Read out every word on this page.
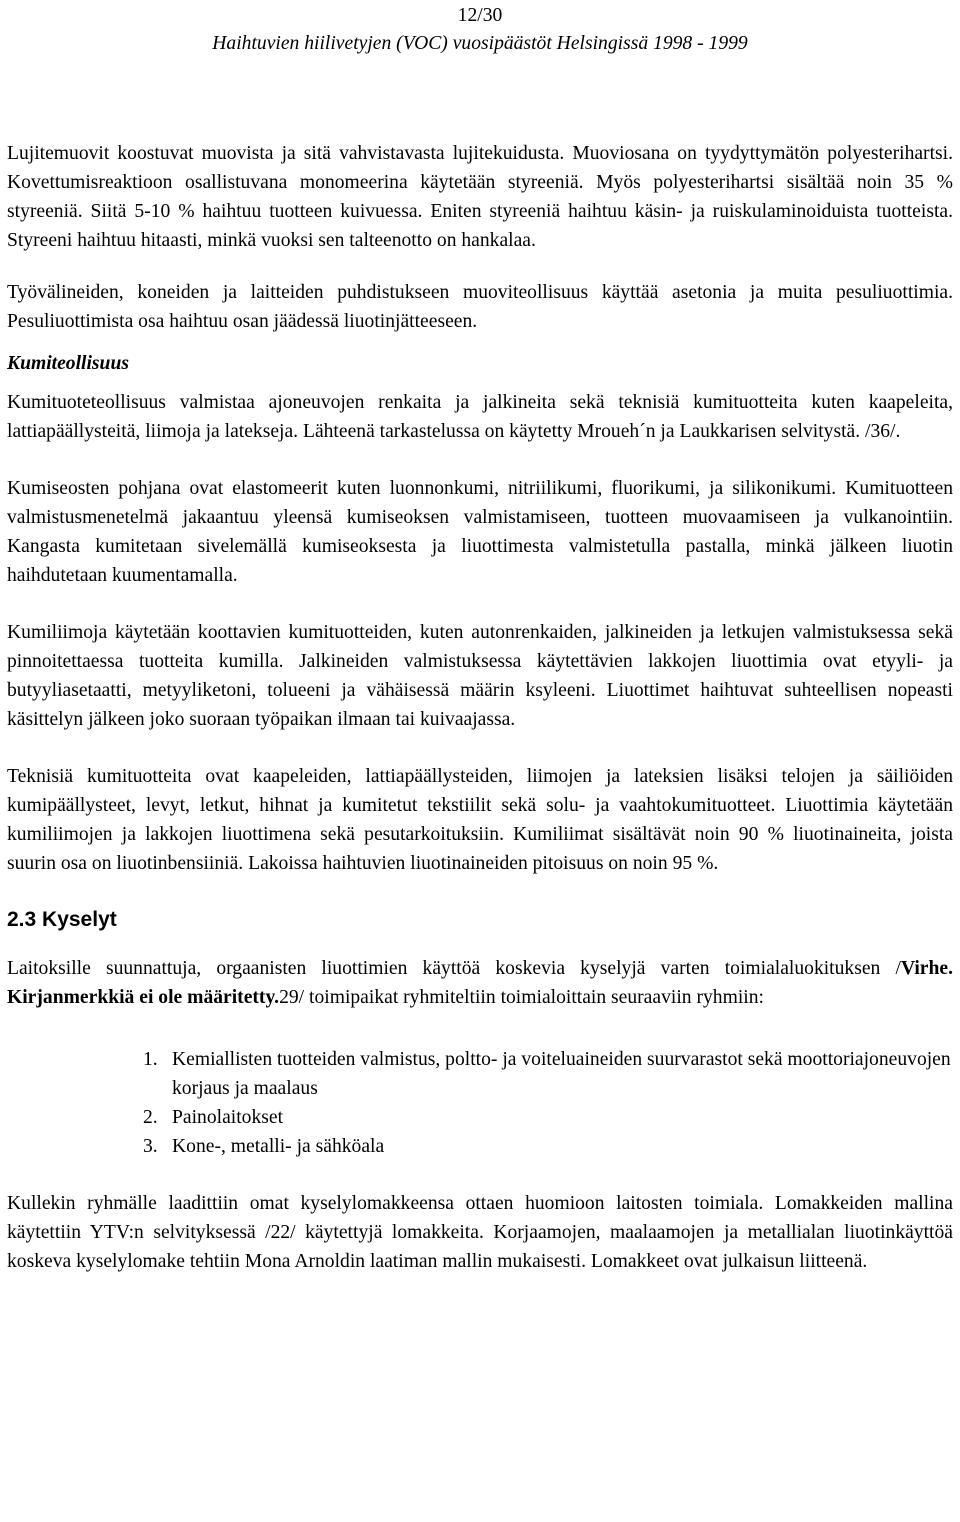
12/30
Haihtuvien hiilivetyjen (VOC) vuosipäästöt Helsingissä 1998 - 1999

Lujitemuovit koostuvat muovista ja sitä vahvistavasta lujitekuidusta. Muoviosana on tyydyttymätön polyesterihartsi. Kovettumisreaktioon osallistuvana monomeerina käytetään styreeniä. Myös polyesterihartsi sisältää noin 35 % styreeniä. Siitä 5-10 % haihtuu tuotteen kuivuessa. Eniten styreeniä haihtuu käsin- ja ruiskulaminoiduista tuotteista. Styreeni haihtuu hitaasti, minkä vuoksi sen talteenotto on hankalaa.

Työvälineiden, koneiden ja laitteiden puhdistukseen muoviteollisuus käyttää asetonia ja muita pesuliuottimia. Pesuliuottimista osa haihtuu osan jäädessä liuotinjätteeseen.

Kumiteollisuus

Kumituoteteollisuus valmistaa ajoneuvojen renkaita ja jalkineita sekä teknisiä kumituotteita kuten kaapeleita, lattiapäällysteitä, liimoja ja latekseja. Lähteenä tarkastelussa on käytetty Mroueh´n ja Laukkarisen selvitystä. /36/.

Kumiseosten pohjana ovat elastomeerit kuten luonnonkumi, nitriilikumi, fluorikumi, ja silikonikumi. Kumituotteen valmistusmenetelmä jakaantuu yleensä kumiseoksen valmistamiseen, tuotteen muovaamiseen ja vulkanointiin. Kangasta kumitetaan sivelemällä kumiseoksesta ja liuottimesta valmistetulla pastalla, minkä jälkeen liuotin haihdutetaan kuumentamalla.

Kumiliimoja käytetään koottavien kumituotteiden, kuten autonrenkaiden, jalkineiden ja letkujen valmistuksessa sekä pinnoitettaessa tuotteita kumilla. Jalkineiden valmistuksessa käytettävien lakkojen liuottimia ovat etyyli- ja butyyliasetaatti, metyyliketoni, tolueeni ja vähäisessä määrin ksyleeni. Liuottimet haihtuvat suhteellisen nopeasti käsittelyn jälkeen joko suoraan työpaikan ilmaan tai kuivaajassa.

Teknisiä kumituotteita ovat kaapeleiden, lattiapäällysteiden, liimojen ja lateksien lisäksi telojen ja säiliöiden kumipäällysteet, levyt, letkut, hihnat ja kumitetut tekstiilit sekä solu- ja vaahtokumituotteet. Liuottimia käytetään kumiliimojen ja lakkojen liuottimena sekä pesutarkoituksiin. Kumiliimat sisältävät noin 90 % liuotinaineita, joista suurin osa on liuotinbensiiniä. Lakoissa haihtuvien liuotinaineiden pitoisuus on noin 95 %.

2.3 Kyselyt

Laitoksille suunnattuja, orgaanisten liuottimien käyttöä koskevia kyselyjä varten toimialaluokituksen /Virhe. Kirjanmerkkiä ei ole määritetty.29/ toimipaikat ryhmiteltiin toimialoittain seuraaviin ryhmiin:

1. Kemiallisten tuotteiden valmistus, poltto- ja voiteluaineiden suurvarastot sekä moottoriajoneuvojen korjaus ja maalaus
2. Painolaitokset
3. Kone-, metalli- ja sähköala

Kullekin ryhmälle laadittiin omat kyselylomakkeensa ottaen huomioon laitosten toimiala. Lomakkeiden mallina käytettiin YTV:n selvityksessä /22/ käytettyjä lomakkeita. Korjaamojen, maalaamojen ja metallialan liuotinkäyttöä koskeva kyselylomake tehtiin Mona Arnoldin laatiman mallin mukaisesti. Lomakkeet ovat julkaisun liitteenä.
